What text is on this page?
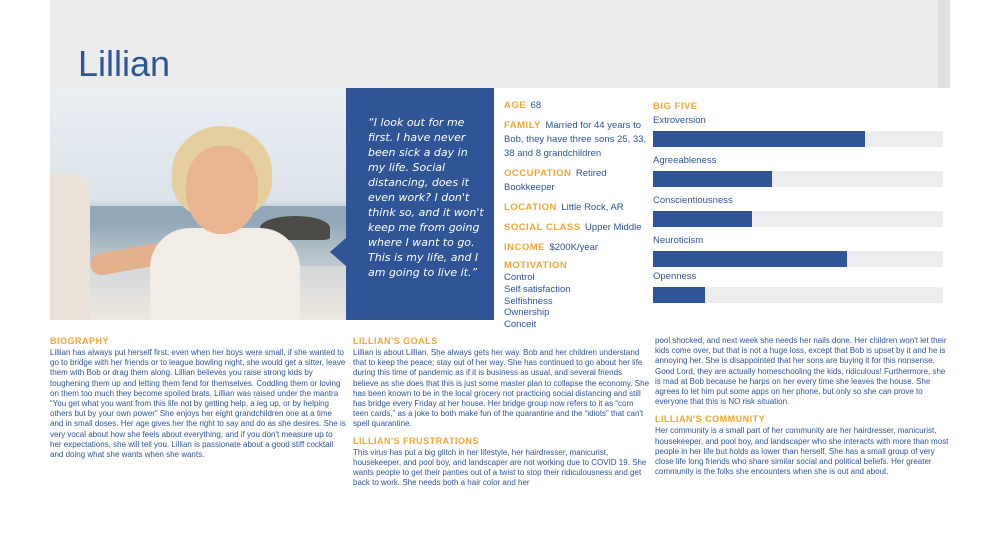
Lillian
“I look out for me first. I have never been sick a day in my life. Social distancing, does it even work? I don't think so, and it won't keep me from going where I want to go. This is my life, and I am going to live it.”
AGE 68
FAMILY Married for 44 years to Bob, they have three sons 25, 33, 38 and 8 grandchildren
OCCUPATION Retired Bookkeeper
LOCATION Little Rock, AR
SOCIAL CLASS Upper Middle
INCOME $200K/year
MOTIVATION
Control
Self satisfaction
Selfishness
Ownership
Conceit
BIG FIVE
Extroversion
Agreeableness
Conscientiousness
Neuroticism
Openness
BIOGRAPHY

Lillian has always put herself first; even when her boys were small, if she wanted to go to bridge with her friends or to league bowling night, she would get a sitter, leave them with Bob or drag them along. Lillian believes you raise strong kids by toughening them up and letting them fend for themselves. Coddling them or loving on them too much they become spoiled brats. Lillian was raised under the mantra “You get what you want from this life not by getting help, a leg up, or by helping others but by your own power” She enjoys her eight grandchildren one at a time and in small doses. Her age gives her the right to say and do as she desires. She is very vocal about how she feels about everything, and if you don't measure up to her expectations, she will tell you. Lillian is passionate about a good stiff cocktail and doing what she wants when she wants.

LILLIAN'S GOALS

Lillian is about Lillian. She always gets her way. Bob and her children understand that to keep the peace; stay out of her way. She has continued to go about her life during this time of pandemic as if it is business as usual, and several friends believe as she does that this is just some master plan to collapse the economy. She has been known to be in the local grocery not practicing social distancing and still has bridge every Friday at her house. Her bridge group now refers to it as “corn teen cards,” as a joke to both make fun of the quarantine and the “idiots” that can't spell quarantine.

LILLIAN'S FRUSTRATIONS

This virus has put a big glitch in her lifestyle, her hairdresser, manicurist, housekeeper, and pool boy, and landscaper are not working due to COVID 19. She wants people to get their panties out of a twist to stop their ridiculousness and get back to work. She needs both a hair color and her

pool shocked, and next week she needs her nails done. Her children won't let their kids come over, but that is not a huge loss, except that Bob is upset by it and he is annoying her. She is disappointed that her sons are buying it for this nonsense. Good Lord, they are actually homeschooling the kids, ridiculous! Furthermore, she is mad at Bob because he harps on her every time she leaves the house. She agrees to let him put some apps on her phone, but only so she can prove to everyone that this is NO risk situation.

LILLIAN'S COMMUNITY

Her community is a small part of her community are her hairdresser, manicurist, housekeeper, and pool boy, and landscaper who she interacts with more than most people in her life but holds as lower than herself. She has a small group of very close life long friends who share similar social and political beliefs. Her greater community is the folks she encounters when she is out and about.
